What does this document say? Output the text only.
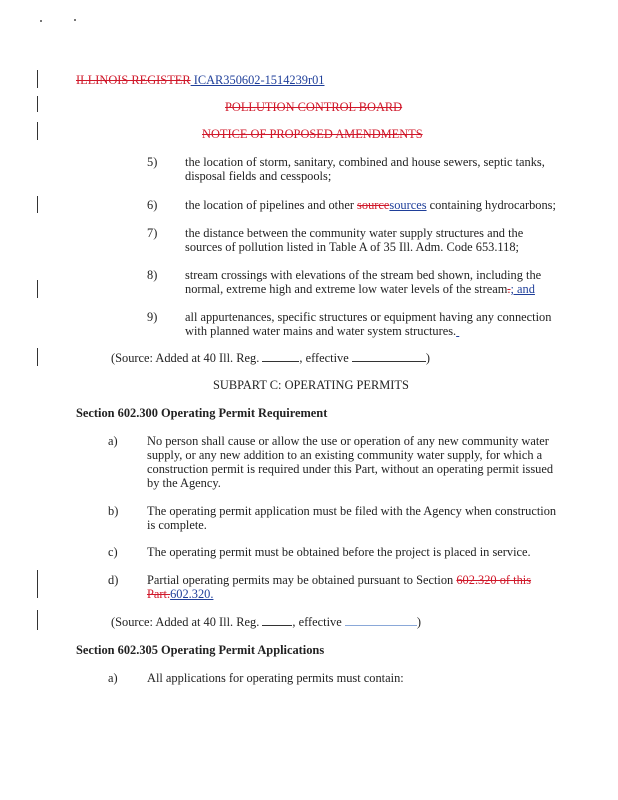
ILLINOIS REGISTER ICAR350602-1514239r01
POLLUTION CONTROL BOARD
NOTICE OF PROPOSED AMENDMENTS
5) the location of storm, sanitary, combined and house sewers, septic tanks,
disposal fields and cesspools;
6) the location of pipelines and other sourcesources containing hydrocarbons;
7) the distance between the community water supply structures and the
sources of pollution listed in Table A of 35 Ill. Adm. Code 653.118;
8) stream crossings with elevations of the stream bed shown, including the
normal, extreme high and extreme low water levels of the stream.; and
9) all appurtenances, specific structures or equipment having any connection
with planned water mains and water system structures.
(Source: Added at 40 Ill. Reg.	, effective	)
SUBPART C: OPERATING PERMITS
Section 602.300 Operating Permit Requirement
a) No person shall cause or allow the use or operation of any new community water
supply, or any new addition to an existing community water supply, for which a
construction permit is required under this Part, without an operating permit issued
by the Agency.
b) The operating permit application must be filed with the Agency when construction
is complete.
c) The operating permit must be obtained before the project is placed in service.
d) Partial operating permits may be obtained pursuant to Section 602.320 of this
Part.602.320.
(Source: Added at 40 Ill. Reg. , effective	)
Section 602.305 Operating Permit Applications
a) All applications for operating permits must contain:
